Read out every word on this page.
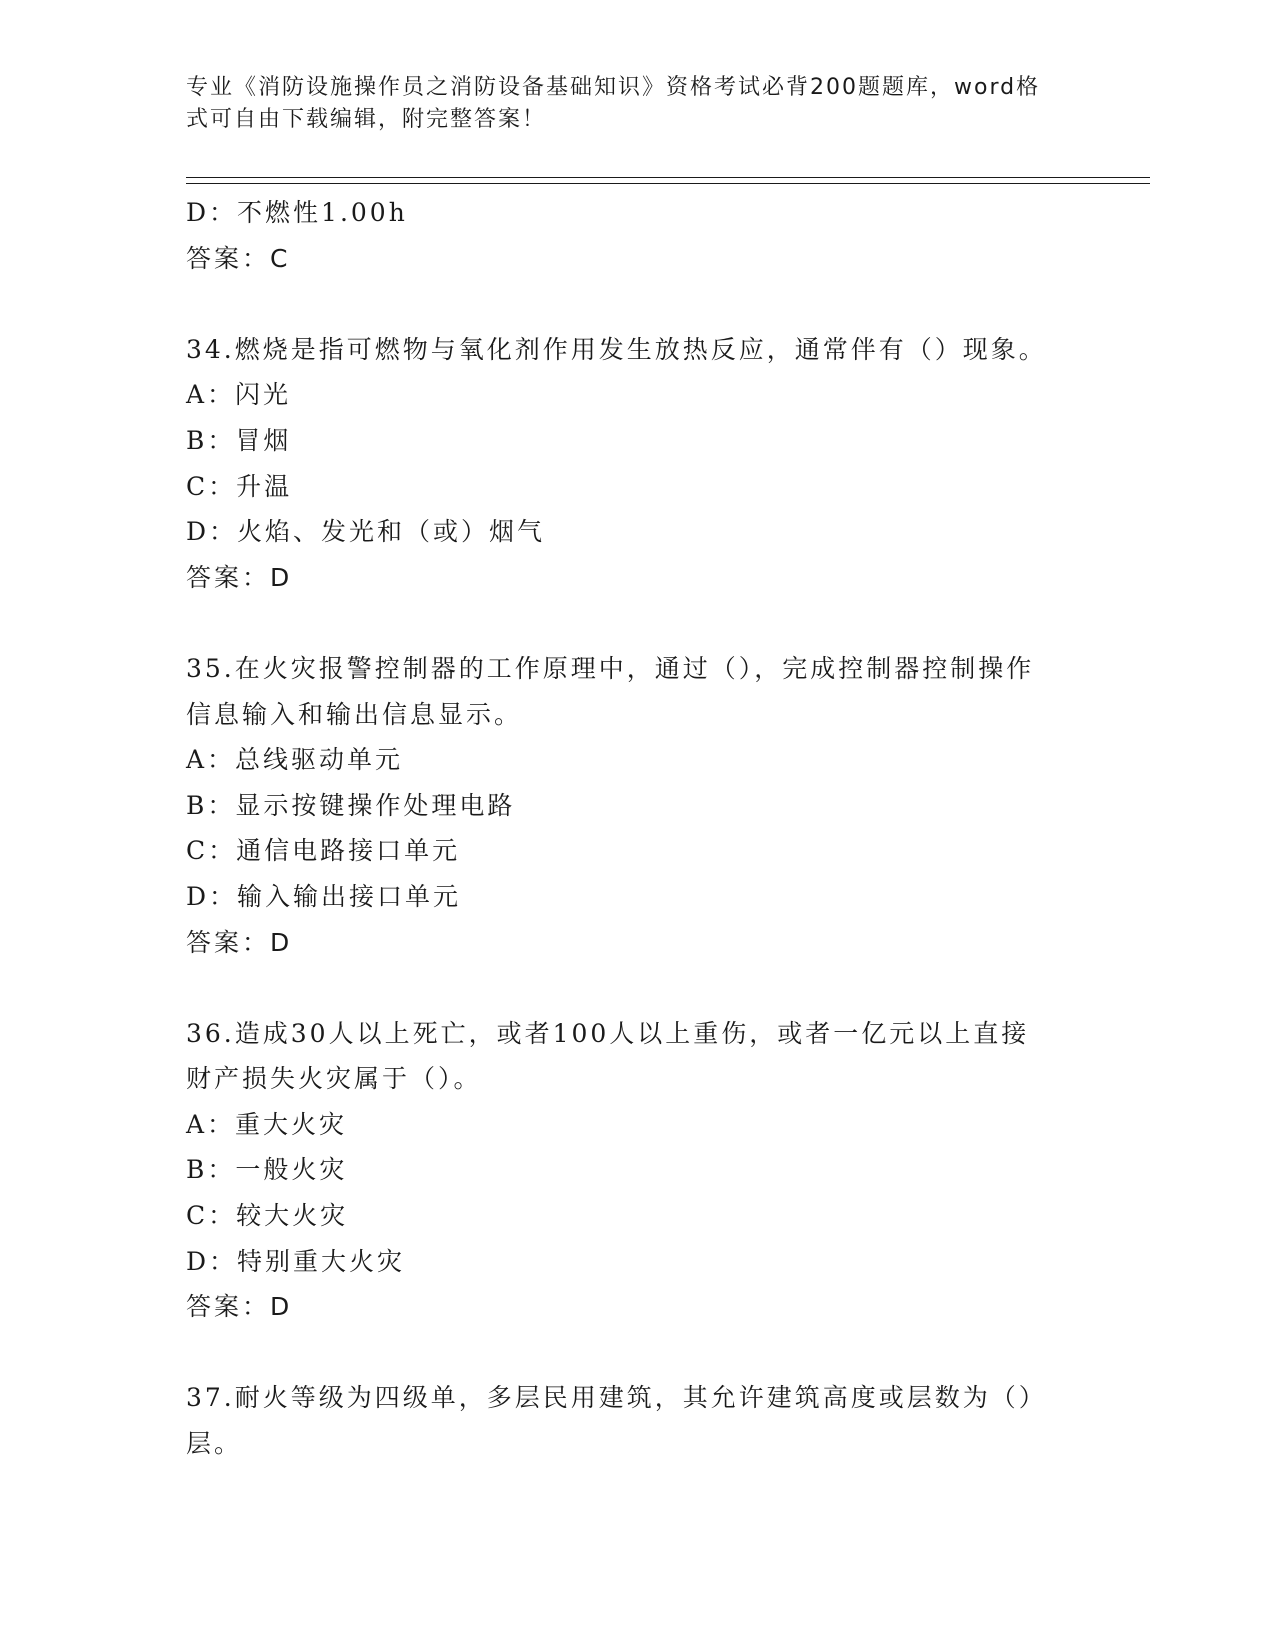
专业《消防设施操作员之消防设备基础知识》资格考试必背200题题库，word格
式可自由下载编辑，附完整答案！
D：不燃性1.00h
答案：C
34.燃烧是指可燃物与氧化剂作用发生放热反应，通常伴有（）现象。
A：闪光
B：冒烟
C：升温
D：火焰、发光和（或）烟气
答案：D
35.在火灾报警控制器的工作原理中，通过（），完成控制器控制操作
信息输入和输出信息显示。
A：总线驱动单元
B：显示按键操作处理电路
C：通信电路接口单元
D：输入输出接口单元
答案：D
36.造成30人以上死亡，或者100人以上重伤，或者一亿元以上直接
财产损失火灾属于（）。
A：重大火灾
B：一般火灾
C：较大火灾
D：特别重大火灾
答案：D
37.耐火等级为四级单，多层民用建筑，其允许建筑高度或层数为（）
层。
